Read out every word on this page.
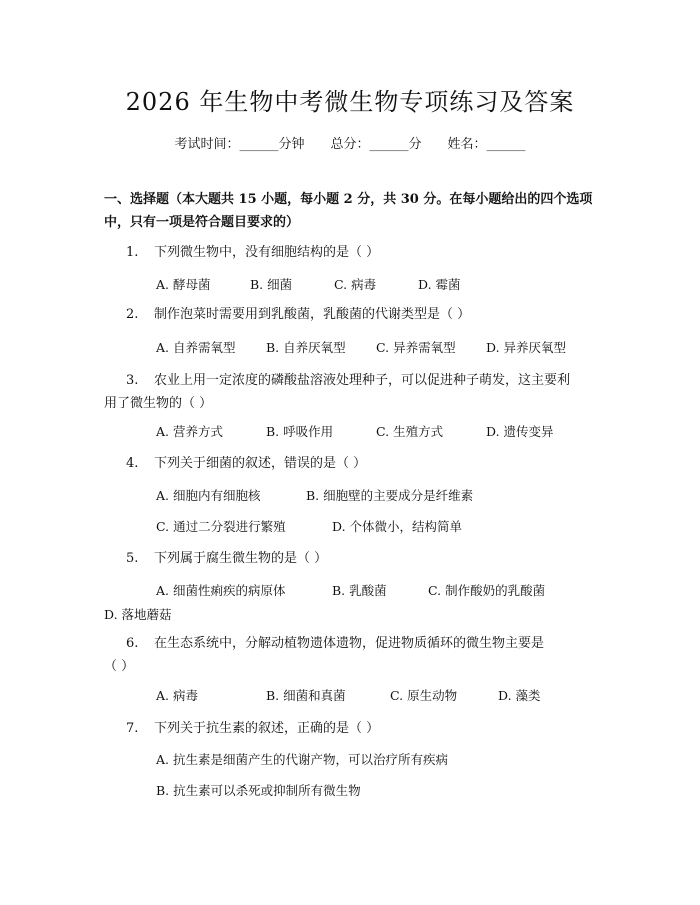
2026 年生物中考微生物专项练习及答案
考试时间：______分钟 总分：______分 姓名：______
一、选择题（本大题共 15 小题，每小题 2 分，共 30 分。在每小题给出的四个选项中，只有一项是符合题目要求的）
1. 下列微生物中，没有细胞结构的是（ ）
A. 酵母菌	B. 细菌	C. 病毒	D. 霉菌
2. 制作泡菜时需要用到乳酸菌，乳酸菌的代谢类型是（ ）
A. 自养需氧型 B. 自养厌氧型 C. 异养需氧型 D. 异养厌氧型
3. 农业上用一定浓度的磷酸盐溶液处理种子，可以促进种子萌发，这主要利
用了微生物的（ ）
A. 营养方式	B. 呼吸作用	C. 生殖方式	D. 遗传变异
4. 下列关于细菌的叙述，错误的是（ ）
A. 细胞内有细胞核	B. 细胞壁的主要成分是纤维素
C. 通过二分裂进行繁殖	D. 个体微小，结构简单
5. 下列属于腐生微生物的是（ ）
A. 细菌性痢疾的病原体	B. 乳酸菌	C. 制作酸奶的乳酸菌
D. 落地蘑菇
6. 在生态系统中，分解动植物遗体遗物，促进物质循环的微生物主要是
（ ）
A. 病毒	B. 细菌和真菌	C. 原生动物	D. 藻类
7. 下列关于抗生素的叙述，正确的是（ ）
A. 抗生素是细菌产生的代谢产物，可以治疗所有疾病
B. 抗生素可以杀死或抑制所有微生物
